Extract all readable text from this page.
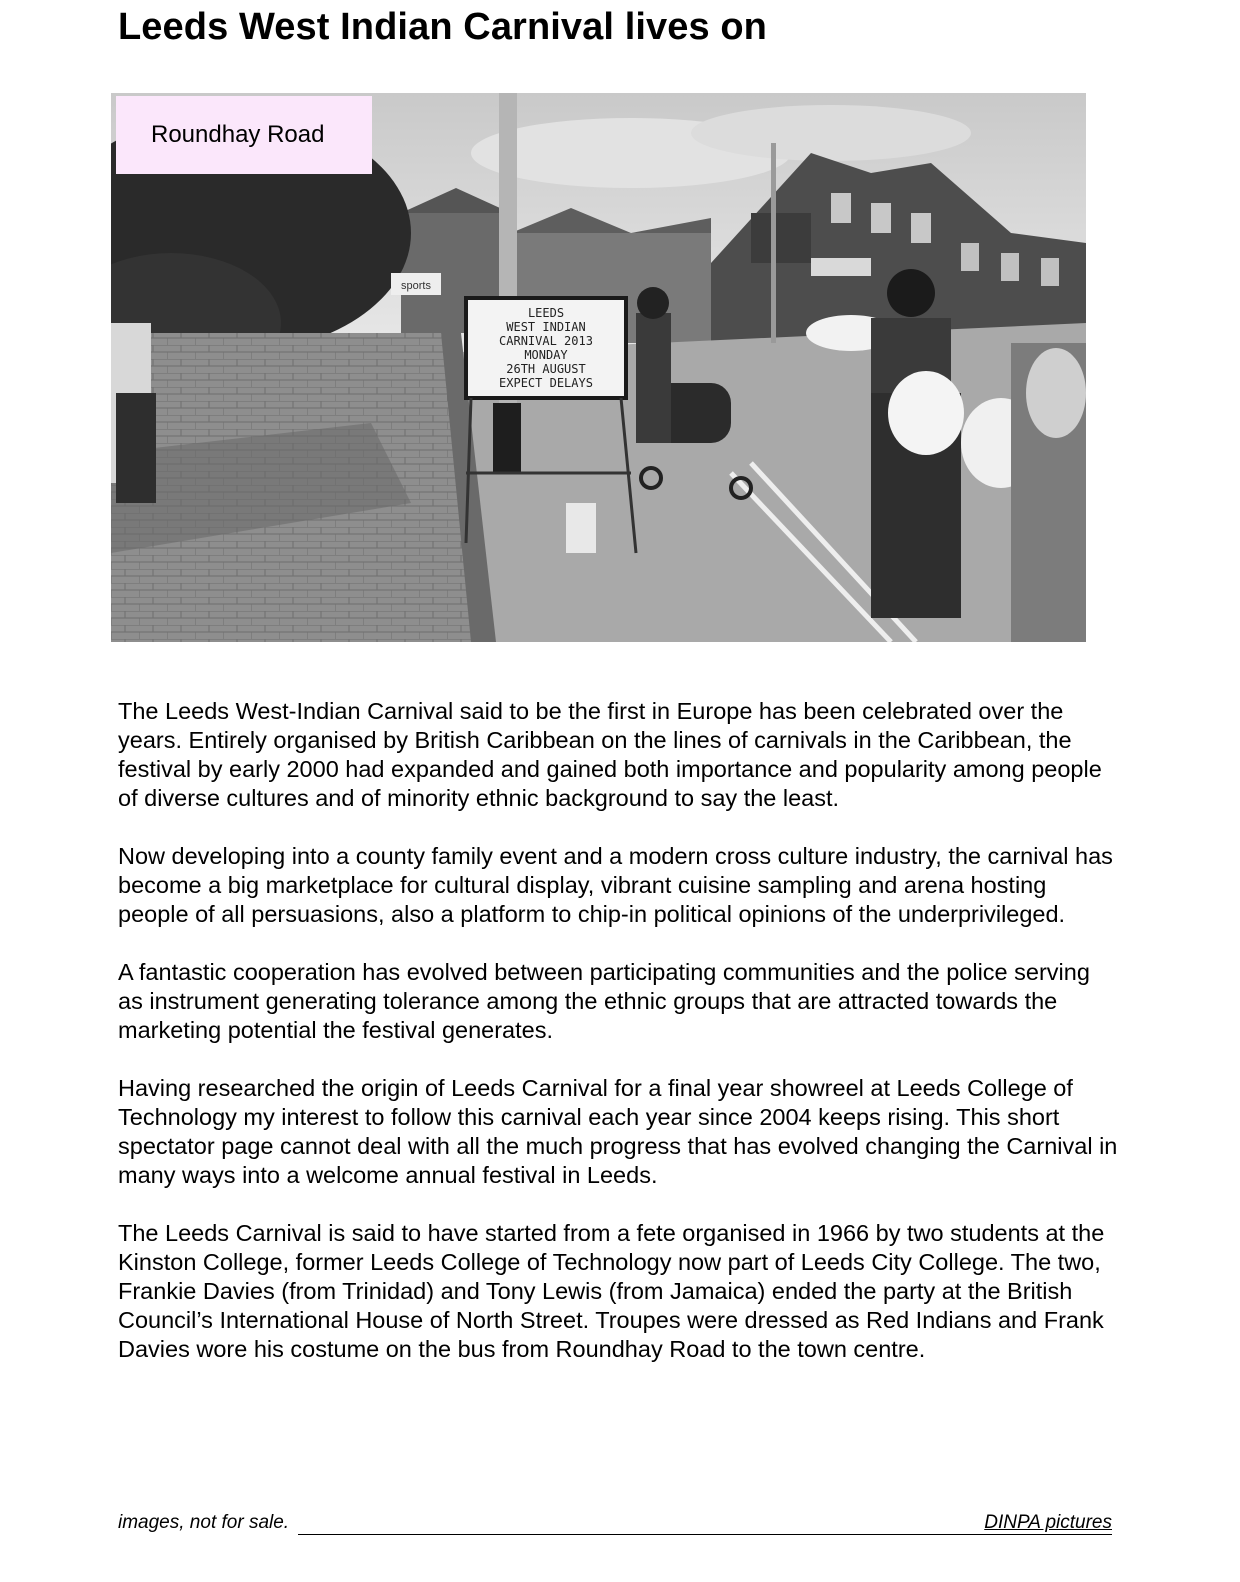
Leeds West Indian Carnival lives on
LEEDS
WEST INDIAN
CARNIVAL 2013
MONDAY
26TH AUGUST
EXPECT DELAYS
sports
Roundhay Road

The Leeds West-Indian Carnival said to be the first in Europe has been celebrated over the years. Entirely organised by British Caribbean on the lines of carnivals in the Caribbean, the festival by early 2000 had expanded and gained both importance and popularity among people of diverse cultures and of minority ethnic background to say the least.

Now developing into a county family event and a modern cross culture industry, the carnival has become a big marketplace for cultural display, vibrant cuisine sampling and arena hosting people of all persuasions, also a platform to chip-in political opinions of the underprivileged.

A fantastic cooperation has evolved between participating communities and the police serving as instrument generating tolerance among the ethnic groups that are attracted towards the marketing potential the festival generates.

Having researched the origin of Leeds Carnival for a final year showreel at Leeds College of Technology my interest to follow this carnival each year since 2004 keeps rising. This short spectator page cannot deal with all the much progress that has evolved changing the Carnival in many ways into a welcome annual festival in Leeds.

The Leeds Carnival is said to have started from a fete organised in 1966 by two students at the Kinston College, former Leeds College of Technology now part of Leeds City College. The two, Frankie Davies (from Trinidad) and Tony Lewis (from Jamaica) ended the party at the British Council’s International House of North Street. Troupes were dressed as Red Indians and Frank Davies wore his costume on the bus from Roundhay Road to the town centre.

images, not for sale.	DINPA pictures
